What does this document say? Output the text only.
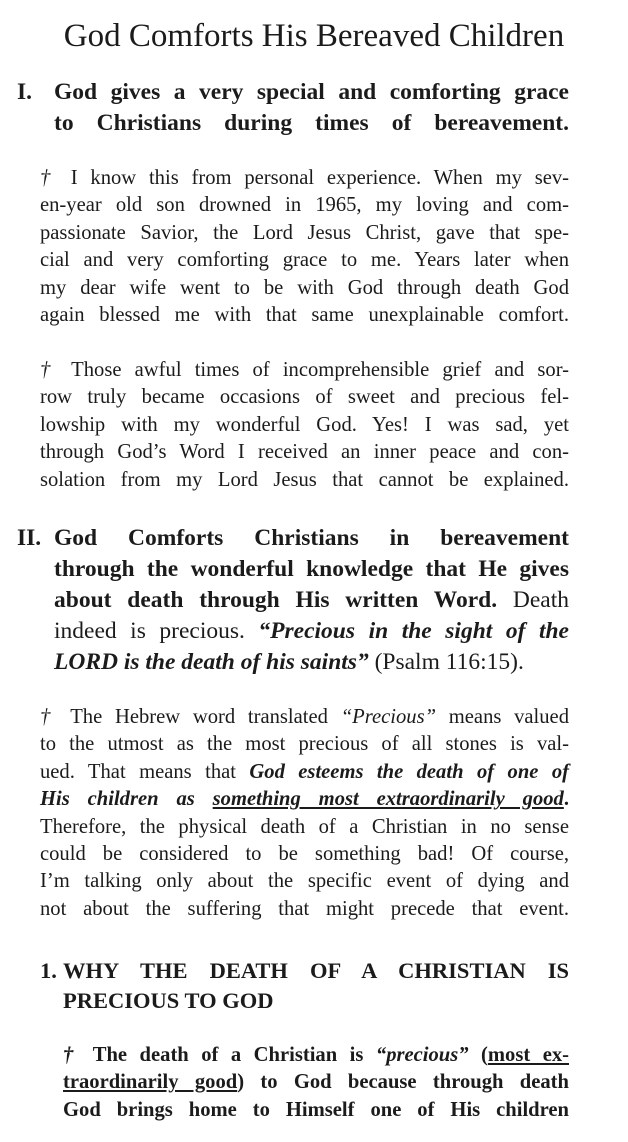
God Comforts His Bereaved Children
I. God gives a very special and comforting grace
to Christians during times of bereavement.
† I know this from personal experience. When my sev-
en-year old son drowned in 1965, my loving and com-
passionate Savior, the Lord Jesus Christ, gave that spe-
cial and very comforting grace to me. Years later when
my dear wife went to be with God through death God
again blessed me with that same unexplainable comfort.
† Those awful times of incomprehensible grief and sor-
row truly became occasions of sweet and precious fel-
lowship with my wonderful God. Yes! I was sad, yet
through God’s Word I received an inner peace and con-
solation from my Lord Jesus that cannot be explained.
II. God Comforts Christians in bereavement
through the wonderful knowledge that He gives
about death through His written Word. Death
indeed is precious. “Precious in the sight of the
LORD is the death of his saints” (Psalm 116:15).
† The Hebrew word translated “Precious” means valued
to the utmost as the most precious of all stones is val-
ued. That means that God esteems the death of one of
His children as something most extraordinarily good.
Therefore, the physical death of a Christian in no sense
could be considered to be something bad! Of course,
I’m talking only about the specific event of dying and
not about the suffering that might precede that event.
1. WHY THE DEATH OF A CHRISTIAN IS
PRECIOUS TO GOD
† The death of a Christian is “precious” (most ex-
traordinarily good) to God because through death
God brings home to Himself one of His children
